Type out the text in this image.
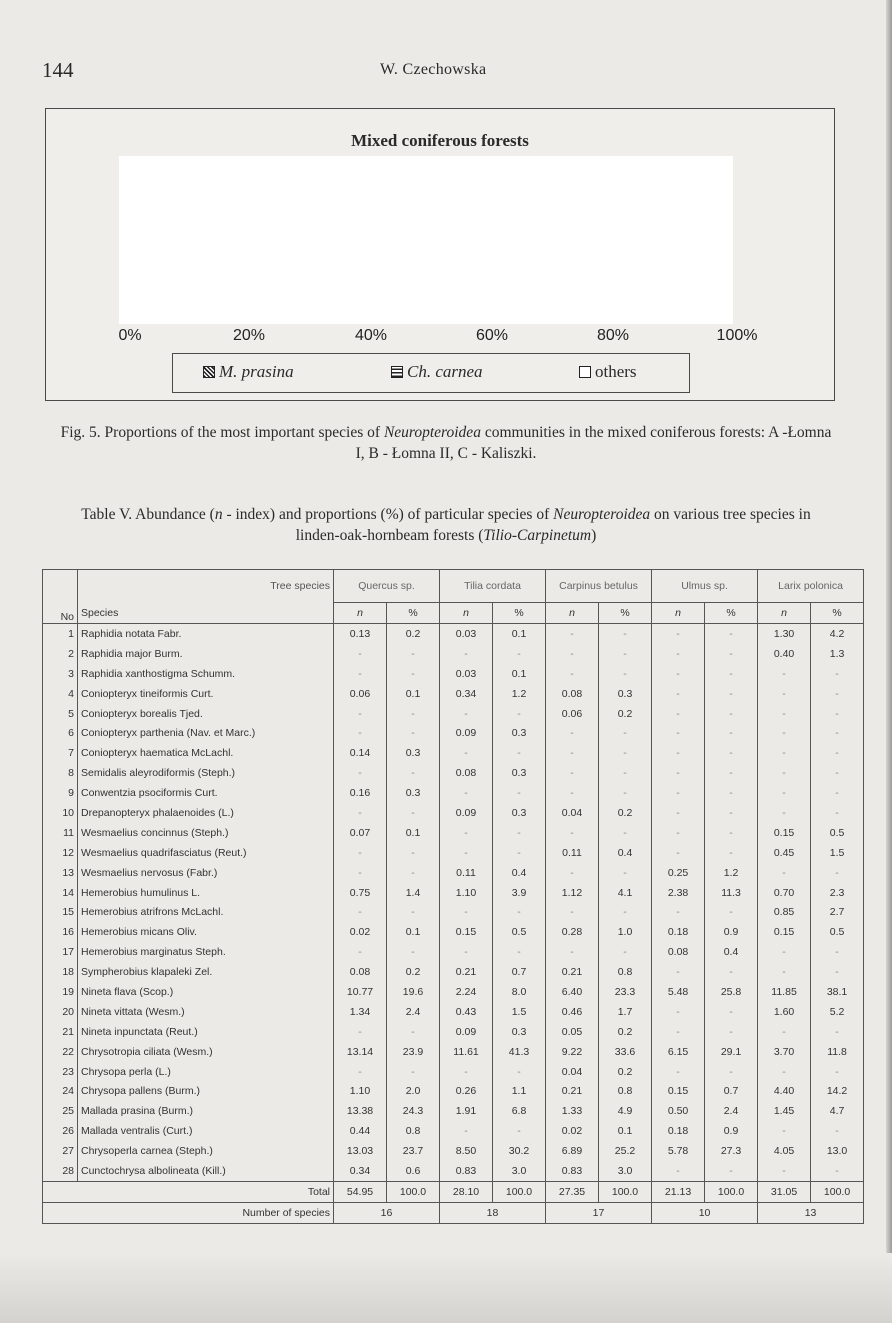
144	W. Czechowska
Mixed coniferous forests
0%	20%	40%	60%	80%	100%
M. prasina	Ch. carnea	others
Fig. 5. Proportions of the most important species of Neuropteroidea communities in the mixed coniferous forests: A -Łomna I, B - Łomna II, C - Kaliszki.
Table V. Abundance (n - index) and proportions (%) of particular species of Neuropteroidea on various tree species in linden-oak-hornbeam forests (Tilio-Carpinetum)
No	Tree species	Quercus sp.		Tilia cordata		Carpinus betulus		Ulmus sp.		Larix polonica	
	Species	n	%	n	%	n	%	n	%	n	%
1	Raphidia notata Fabr.	0.13	0.2	0.03	0.1	-	-	-	-	1.30	4.2
2	Raphidia major Burm.	-	-	-	-	-	-	-	-	0.40	1.3
3	Raphidia xanthostigma Schumm.	-	-	0.03	0.1	-	-	-	-	-	-
4	Coniopteryx tineiformis Curt.	0.06	0.1	0.34	1.2	0.08	0.3	-	-	-	-
5	Coniopteryx borealis Tjed.	-	-	-	-	0.06	0.2	-	-	-	-
6	Coniopteryx parthenia (Nav. et Marc.)	-	-	0.09	0.3	-	-	-	-	-	-
7	Coniopteryx haematica McLachl.	0.14	0.3	-	-	-	-	-	-	-	-
8	Semidalis aleyrodiformis (Steph.)	-	-	0.08	0.3	-	-	-	-	-	-
9	Conwentzia psociformis Curt.	0.16	0.3	-	-	-	-	-	-	-	-
10	Drepanopteryx phalaenoides (L.)	-	-	0.09	0.3	0.04	0.2	-	-	-	-
11	Wesmaelius concinnus (Steph.)	0.07	0.1	-	-	-	-	-	-	0.15	0.5
12	Wesmaelius quadrifasciatus (Reut.)	-	-	-	-	0.11	0.4	-	-	0.45	1.5
13	Wesmaelius nervosus (Fabr.)	-	-	0.11	0.4	-	-	0.25	1.2	-	-
14	Hemerobius humulinus L.	0.75	1.4	1.10	3.9	1.12	4.1	2.38	11.3	0.70	2.3
15	Hemerobius atrifrons McLachl.	-	-	-	-	-	-	-	-	0.85	2.7
16	Hemerobius micans Oliv.	0.02	0.1	0.15	0.5	0.28	1.0	0.18	0.9	0.15	0.5
17	Hemerobius marginatus Steph.	-	-	-	-	-	-	0.08	0.4	-	-
18	Sympherobius klapaleki Zel.	0.08	0.2	0.21	0.7	0.21	0.8	-	-	-	-
19	Nineta flava (Scop.)	10.77	19.6	2.24	8.0	6.40	23.3	5.48	25.8	11.85	38.1
20	Nineta vittata (Wesm.)	1.34	2.4	0.43	1.5	0.46	1.7	-	-	1.60	5.2
21	Nineta inpunctata (Reut.)	-	-	0.09	0.3	0.05	0.2	-	-	-	-
22	Chrysotropia ciliata (Wesm.)	13.14	23.9	11.61	41.3	9.22	33.6	6.15	29.1	3.70	11.8
23	Chrysopa perla (L.)	-	-	-	-	0.04	0.2	-	-	-	-
24	Chrysopa pallens (Burm.)	1.10	2.0	0.26	1.1	0.21	0.8	0.15	0.7	4.40	14.2
25	Mallada prasina (Burm.)	13.38	24.3	1.91	6.8	1.33	4.9	0.50	2.4	1.45	4.7
26	Mallada ventralis (Curt.)	0.44	0.8	-	-	0.02	0.1	0.18	0.9	-	-
27	Chrysoperla carnea (Steph.)	13.03	23.7	8.50	30.2	6.89	25.2	5.78	27.3	4.05	13.0
28	Cunctochrysa albolineata (Kill.)	0.34	0.6	0.83	3.0	0.83	3.0	-	-	-	-
Total		54.95	100.0	28.10	100.0	27.35	100.0	21.13	100.0	31.05	100.0
Number of species		16		18		17		10		13	
